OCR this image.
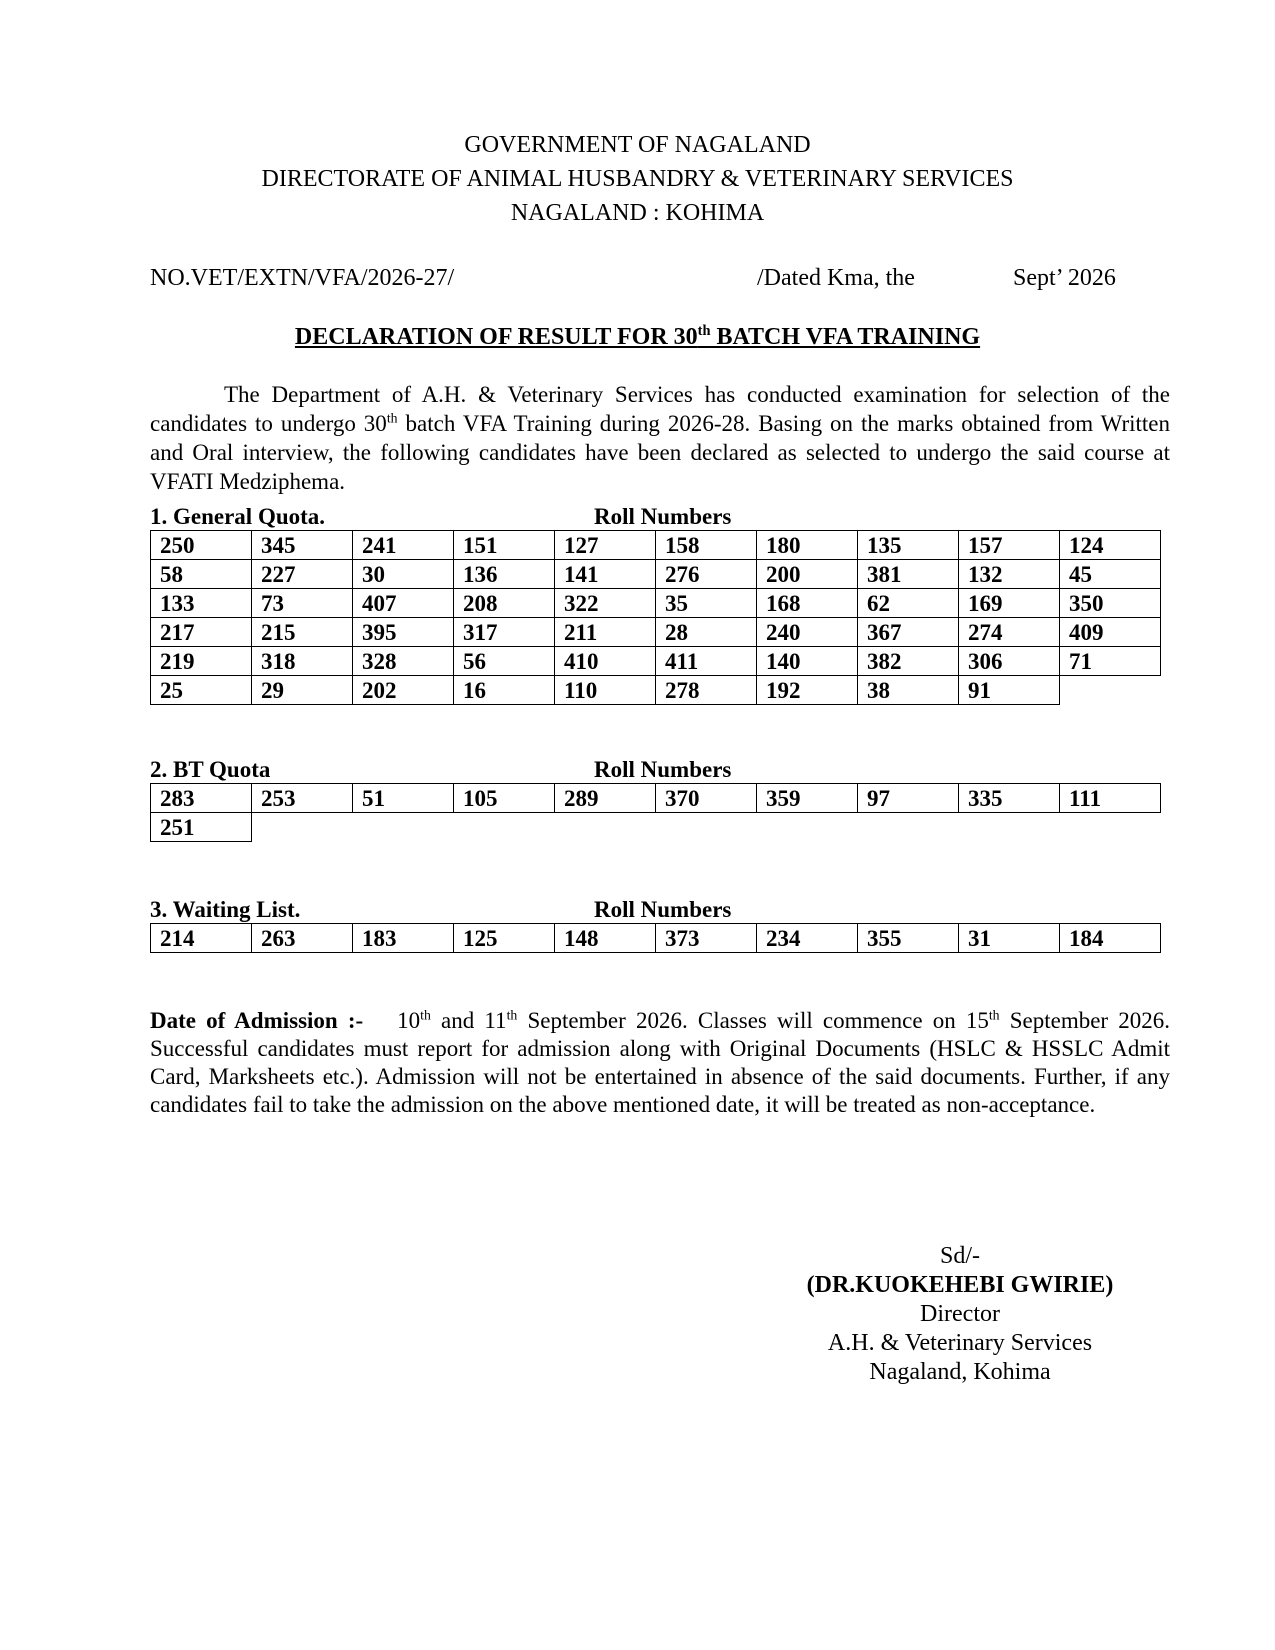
GOVERNMENT OF NAGALAND
DIRECTORATE OF ANIMAL HUSBANDRY & VETERINARY SERVICES
NAGALAND : KOHIMA
NO.VET/EXTN/VFA/2026-27/	/Dated Kma, the	Sept’ 2026
DECLARATION OF RESULT FOR 30th BATCH VFA TRAINING
The Department of A.H. & Veterinary Services has conducted examination for selection of the candidates to undergo 30th batch VFA Training during 2026-28. Basing on the marks obtained from Written and Oral interview, the following candidates have been declared as selected to undergo the said course at VFATI Medziphema.
1. General Quota.	Roll Numbers
250	345	241	151	127	158	180	135	157	124
58	227	30	136	141	276	200	381	132	45
133	73	407	208	322	35	168	62	169	350
217	215	395	317	211	28	240	367	274	409
219	318	328	56	410	411	140	382	306	71
25	29	202	16	110	278	192	38	91	
2. BT Quota	Roll Numbers
283	253	51	105	289	370	359	97	335	111
251									
3. Waiting List.	Roll Numbers
214	263	183	125	148	373	234	355	31	184
Date of Admission :- 10th and 11th September 2026. Classes will commence on 15th September 2026. Successful candidates must report for admission along with Original Documents (HSLC & HSSLC Admit Card, Marksheets etc.). Admission will not be entertained in absence of the said documents. Further, if any candidates fail to take the admission on the above mentioned date, it will be treated as non-acceptance.
Sd/-
(DR.KUOKEHEBI GWIRIE)
Director
A.H. & Veterinary Services
Nagaland, Kohima
